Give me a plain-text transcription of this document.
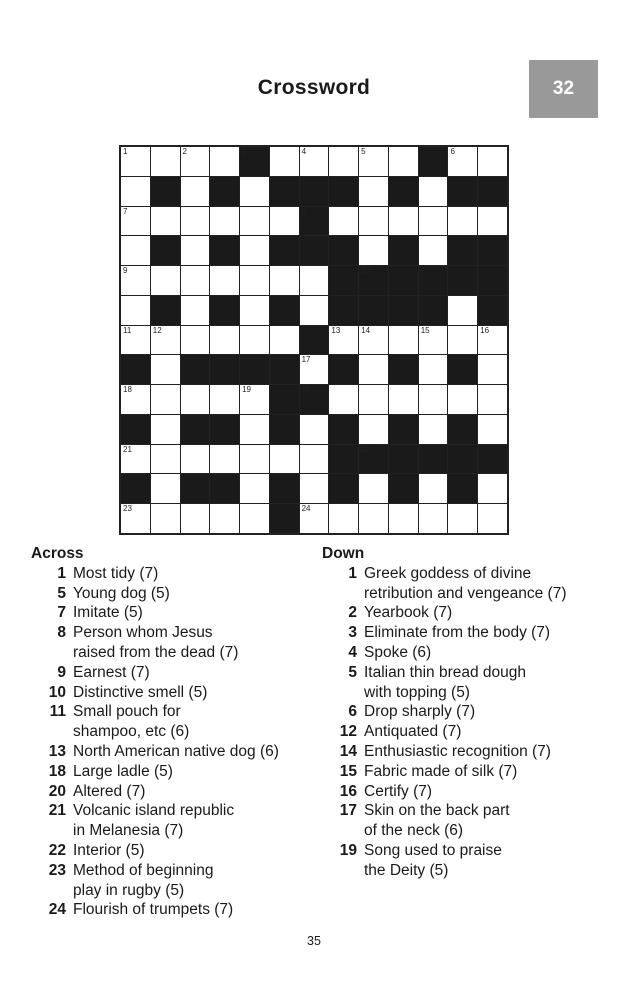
Crossword	32
1	2	3	4	5	6
7	8
9	10
11	12	13	14	15	16
17
18	19	20
21	22
23	24
Across
1 Most tidy (7)
5 Young dog (5)
7 Imitate (5)
8 Person whom Jesus
raised from the dead (7)
9 Earnest (7)
10 Distinctive smell (5)
11 Small pouch for
shampoo, etc (6)
13 North American native dog (6)
18 Large ladle (5)
20 Altered (7)
21 Volcanic island republic
in Melanesia (7)
22 Interior (5)
23 Method of beginning
play in rugby (5)
24 Flourish of trumpets (7)
Down
1 Greek goddess of divine
retribution and vengeance (7)
2 Yearbook (7)
3 Eliminate from the body (7)
4 Spoke (6)
5 Italian thin bread dough
with topping (5)
6 Drop sharply (7)
12 Antiquated (7)
14 Enthusiastic recognition (7)
15 Fabric made of silk (7)
16 Certify (7)
17 Skin on the back part
of the neck (6)
19 Song used to praise
the Deity (5)
35
